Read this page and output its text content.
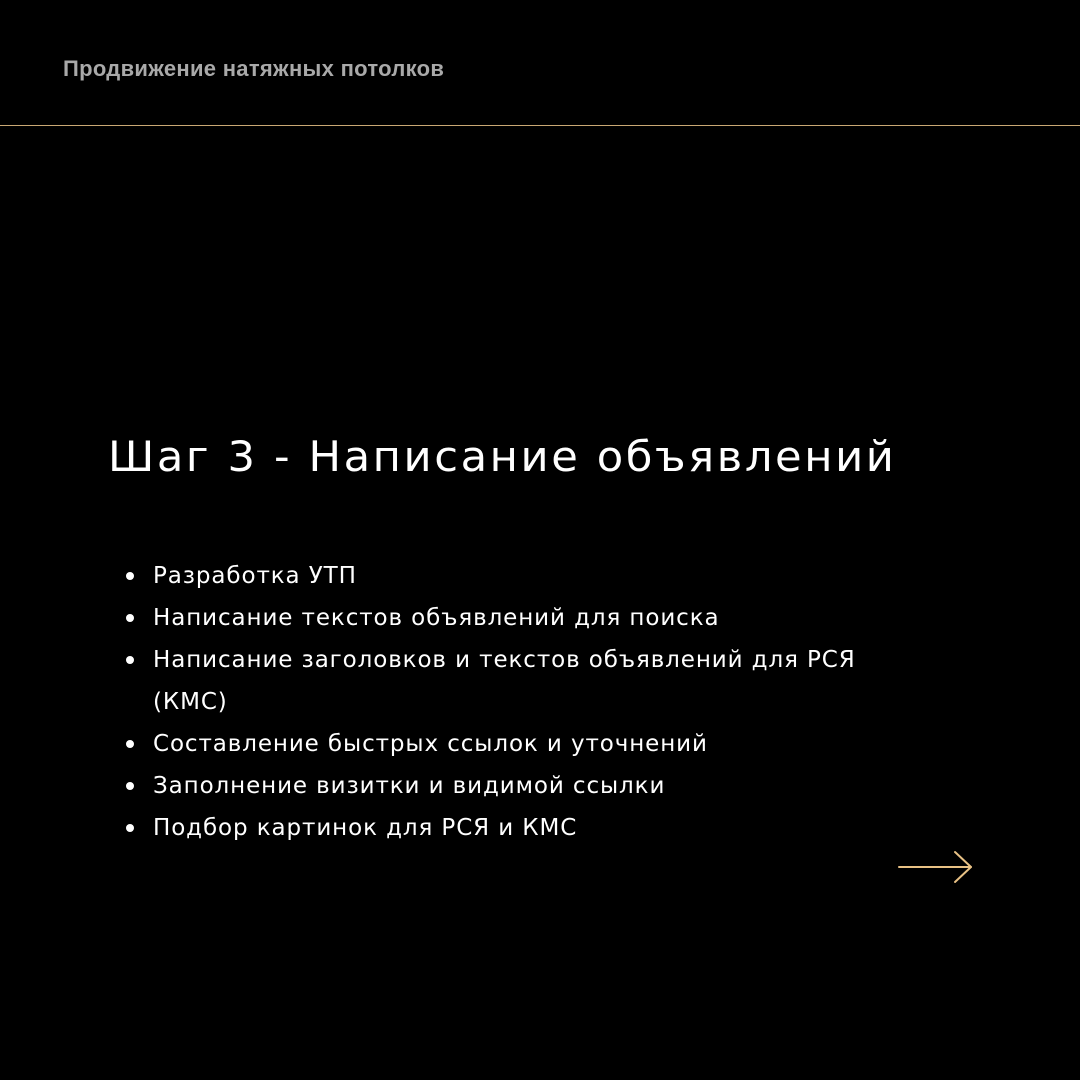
Продвижение натяжных потолков
Шаг 3 - Написание объявлений
Разработка УТП
Написание текстов объявлений для поиска
Написание заголовков и текстов объявлений для РСЯ (КМС)
Составление быстрых ссылок и уточнений
Заполнение визитки и видимой ссылки
Подбор картинок для РСЯ и КМС
